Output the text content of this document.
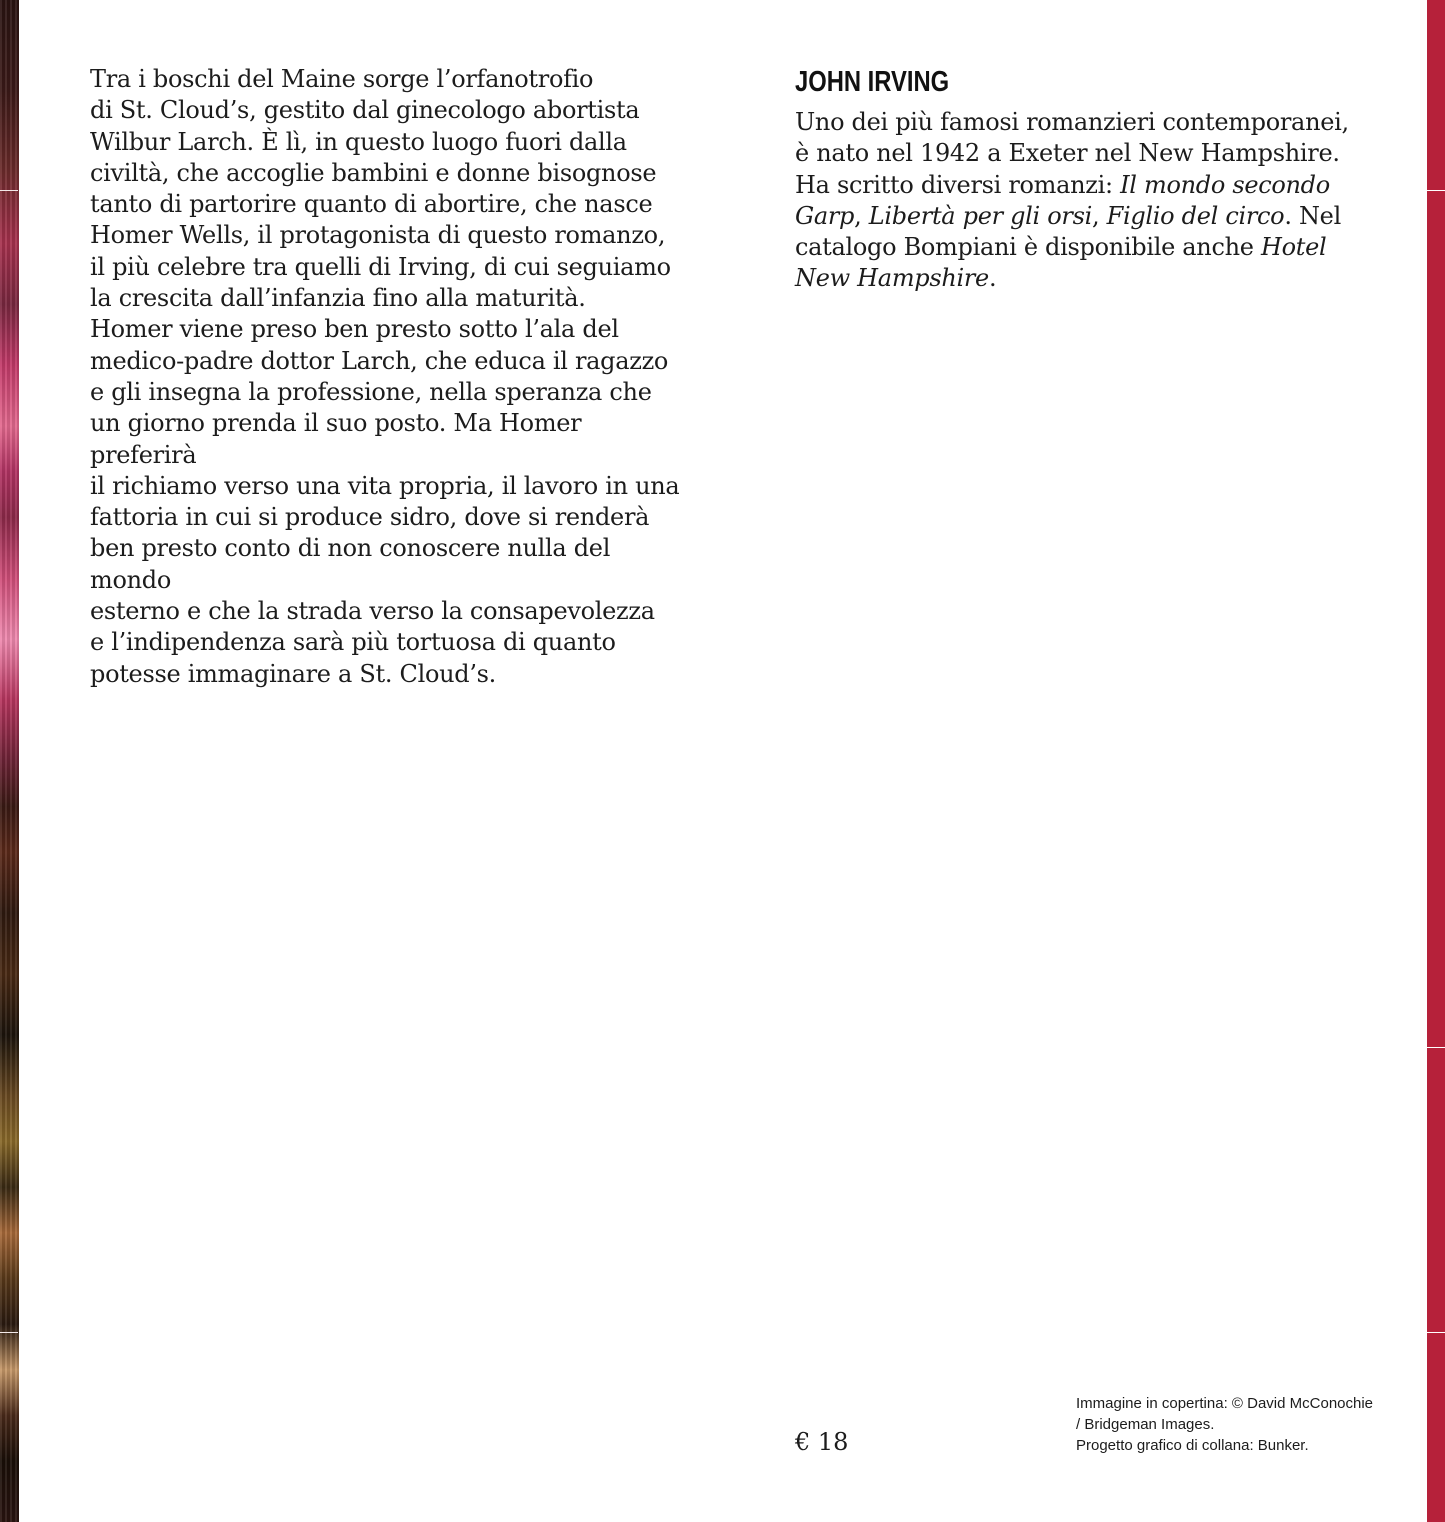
Tra i boschi del Maine sorge l’orfanotrofio
di St. Cloud’s, gestito dal ginecologo abortista
Wilbur Larch. È lì, in questo luogo fuori dalla
civiltà, che accoglie bambini e donne bisognose
tanto di partorire quanto di abortire, che nasce
Homer Wells, il protagonista di questo romanzo,
il più celebre tra quelli di Irving, di cui seguiamo
la crescita dall’infanzia fino alla maturità.
Homer viene preso ben presto sotto l’ala del
medico-padre dottor Larch, che educa il ragazzo
e gli insegna la professione, nella speranza che
un giorno prenda il suo posto. Ma Homer preferirà
il richiamo verso una vita propria, il lavoro in una
fattoria in cui si produce sidro, dove si renderà
ben presto conto di non conoscere nulla del mondo
esterno e che la strada verso la consapevolezza
e l’indipendenza sarà più tortuosa di quanto
potesse immaginare a St. Cloud’s.

JOHN IRVING

Uno dei più famosi romanzieri contemporanei,
è nato nel 1942 a Exeter nel New Hampshire.
Ha scritto diversi romanzi: Il mondo secondo Garp, Libertà per gli orsi, Figlio del circo. Nel catalogo Bompiani è disponibile anche Hotel New Hampshire.

€ 18

Immagine in copertina: © David McConochie
/ Bridgeman Images.
Progetto grafico di collana: Bunker.
